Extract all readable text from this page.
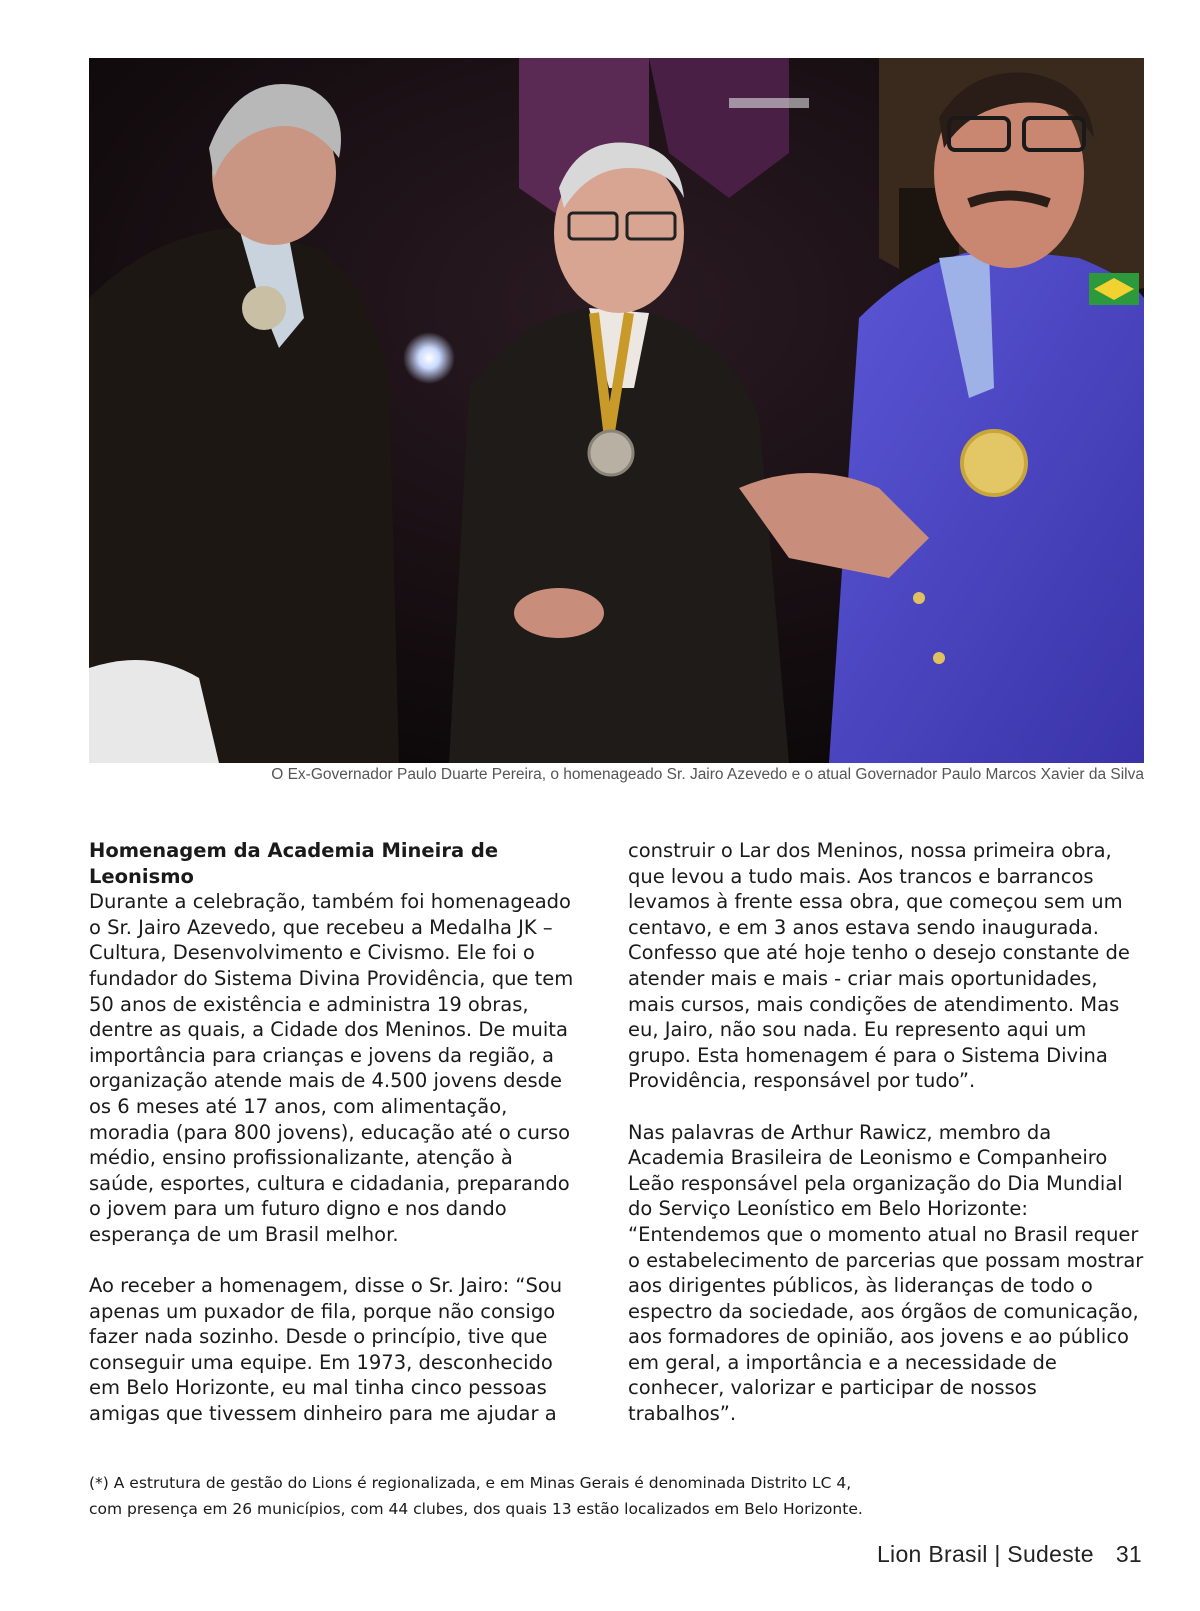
O Ex-Governador Paulo Duarte Pereira, o homenageado Sr. Jairo Azevedo e o atual Governador Paulo Marcos Xavier da Silva

Homenagem da Academia Mineira de Leonismo
Durante a celebração, também foi homenageado o Sr. Jairo Azevedo, que recebeu a Medalha JK – Cultura, Desenvolvimento e Civismo. Ele foi o fundador do Sistema Divina Providência, que tem 50 anos de existência e administra 19 obras, dentre as quais, a Cidade dos Meninos. De muita importância para crianças e jovens da região, a organização atende mais de 4.500 jovens desde os 6 meses até 17 anos, com alimentação, moradia (para 800 jovens), educação até o curso médio, ensino profissionalizante, atenção à saúde, esportes, cultura e cidadania, preparando o jovem para um futuro digno e nos dando esperança de um Brasil melhor.

Ao receber a homenagem, disse o Sr. Jairo: “Sou apenas um puxador de fila, porque não consigo fazer nada sozinho. Desde o princípio, tive que conseguir uma equipe. Em 1973, desconhecido em Belo Horizonte, eu mal tinha cinco pessoas amigas que tivessem dinheiro para me ajudar a

construir o Lar dos Meninos, nossa primeira obra, que levou a tudo mais. Aos trancos e barrancos levamos à frente essa obra, que começou sem um centavo, e em 3 anos estava sendo inaugurada. Confesso que até hoje tenho o desejo constante de atender mais e mais - criar mais oportunidades, mais cursos, mais condições de atendimento. Mas eu, Jairo, não sou nada. Eu represento aqui um grupo. Esta homenagem é para o Sistema Divina Providência, responsável por tudo”.

Nas palavras de Arthur Rawicz, membro da Academia Brasileira de Leonismo e Companheiro Leão responsável pela organização do Dia Mundial do Serviço Leonístico em Belo Horizonte: “Entendemos que o momento atual no Brasil requer o estabelecimento de parcerias que possam mostrar aos dirigentes públicos, às lideranças de todo o espectro da sociedade, aos órgãos de comunicação, aos formadores de opinião, aos jovens e ao público em geral, a importância e a necessidade de conhecer, valorizar e participar de nossos trabalhos”.

(*) A estrutura de gestão do Lions é regionalizada, e em Minas Gerais é denominada Distrito LC 4,
com presença em 26 municípios, com 44 clubes, dos quais 13 estão localizados em Belo Horizonte.
Lion Brasil | Sudeste 31
